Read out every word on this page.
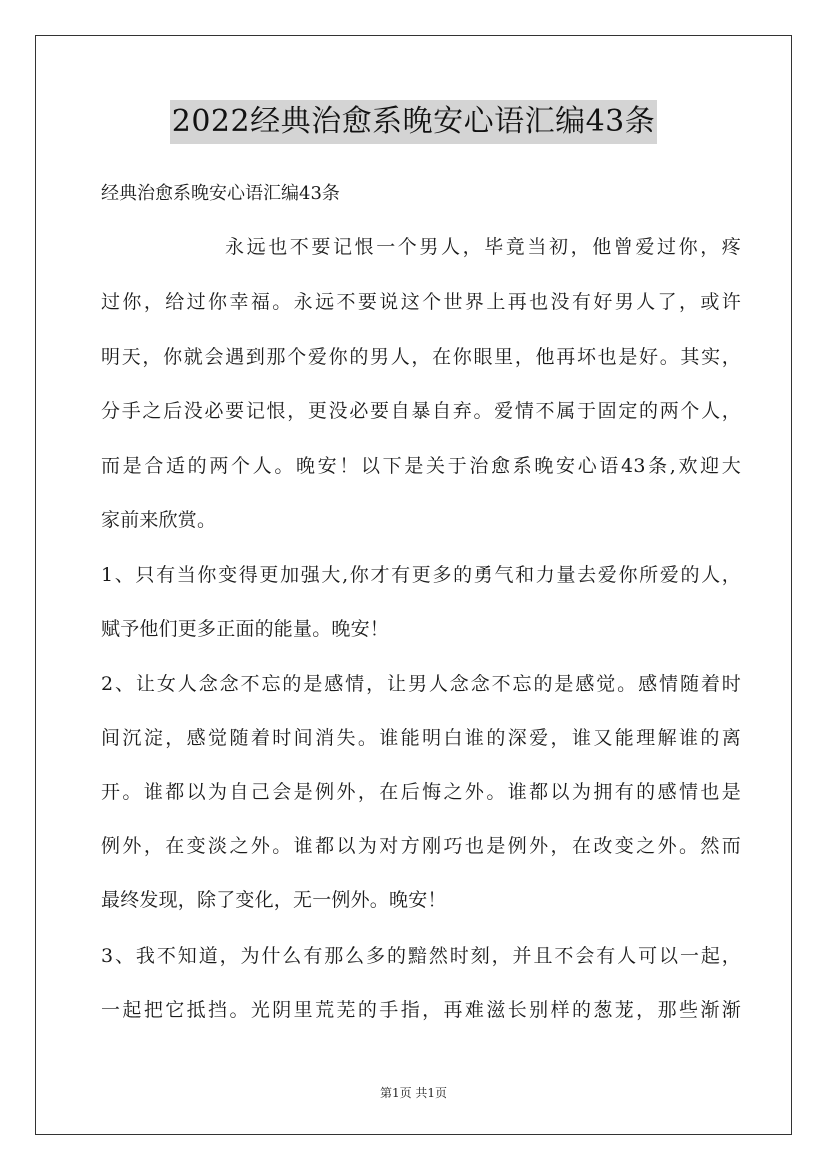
2022经典治愈系晚安心语汇编43条
经典治愈系晚安心语汇编43条
永远也不要记恨一个男人，毕竟当初，他曾爱过你，疼
过你，给过你幸福。永远不要说这个世界上再也没有好男人了，或许
明天，你就会遇到那个爱你的男人，在你眼里，他再坏也是好。其实，
分手之后没必要记恨，更没必要自暴自弃。爱情不属于固定的两个人，
而是合适的两个人。晚安！以下是关于治愈系晚安心语43条,欢迎大
家前来欣赏。
1、只有当你变得更加强大,你才有更多的勇气和力量去爱你所爱的人，
赋予他们更多正面的能量。晚安！
2、让女人念念不忘的是感情，让男人念念不忘的是感觉。感情随着时
间沉淀，感觉随着时间消失。谁能明白谁的深爱，谁又能理解谁的离
开。谁都以为自己会是例外，在后悔之外。谁都以为拥有的感情也是
例外，在变淡之外。谁都以为对方刚巧也是例外，在改变之外。然而
最终发现，除了变化，无一例外。晚安！
3、我不知道，为什么有那么多的黯然时刻，并且不会有人可以一起，
一起把它抵挡。光阴里荒芜的手指，再难滋长别样的葱茏，那些渐渐
第1页 共1页
